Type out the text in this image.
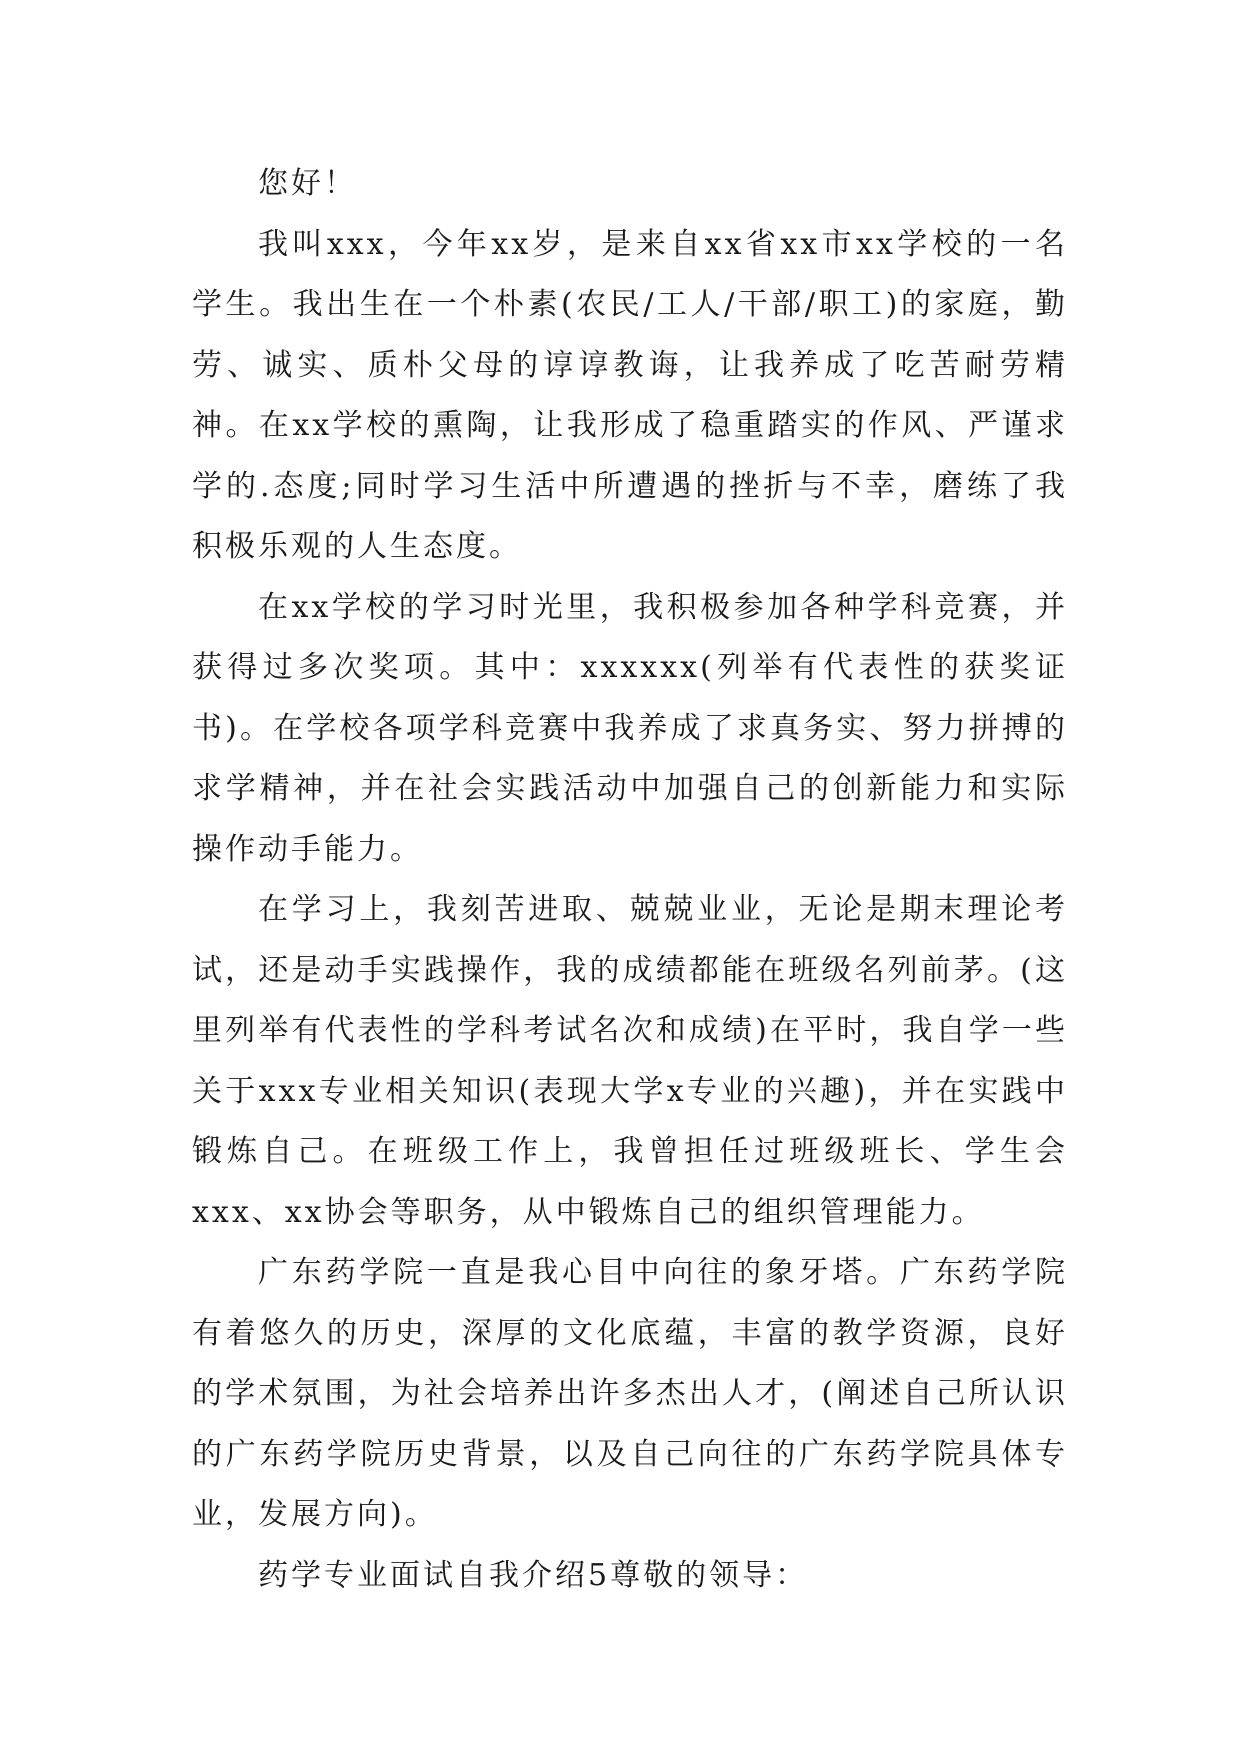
您好！

我叫xxx，今年xx岁，是来自xx省xx市xx学校的一名学生。我出生在一个朴素(农民/工人/干部/职工)的家庭，勤劳、诚实、质朴父母的谆谆教诲，让我养成了吃苦耐劳精神。在xx学校的熏陶，让我形成了稳重踏实的作风、严谨求学的.态度;同时学习生活中所遭遇的挫折与不幸，磨练了我积极乐观的人生态度。

在xx学校的学习时光里，我积极参加各种学科竞赛，并获得过多次奖项。其中：xxxxxx(列举有代表性的获奖证书)。在学校各项学科竞赛中我养成了求真务实、努力拼搏的求学精神，并在社会实践活动中加强自己的创新能力和实际操作动手能力。

在学习上，我刻苦进取、兢兢业业，无论是期末理论考试，还是动手实践操作，我的成绩都能在班级名列前茅。(这里列举有代表性的学科考试名次和成绩)在平时，我自学一些关于xxx专业相关知识(表现大学x专业的兴趣)，并在实践中锻炼自己。在班级工作上，我曾担任过班级班长、学生会xxx、xx协会等职务，从中锻炼自己的组织管理能力。

广东药学院一直是我心目中向往的象牙塔。广东药学院有着悠久的历史，深厚的文化底蕴，丰富的教学资源，良好的学术氛围，为社会培养出许多杰出人才，(阐述自己所认识的广东药学院历史背景，以及自己向往的广东药学院具体专业，发展方向)。

药学专业面试自我介绍5尊敬的领导：
